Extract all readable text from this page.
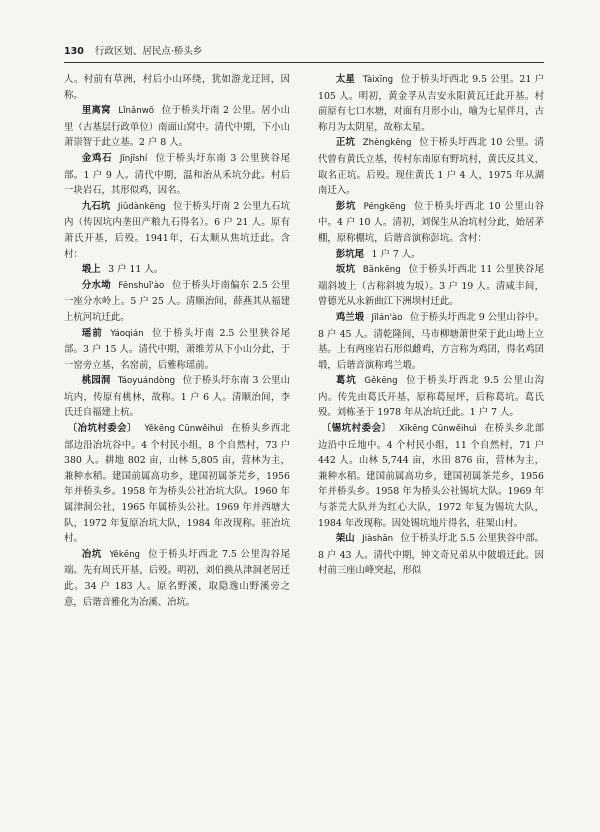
130 行政区划、居民点·桥头乡

人。村前有草洲，村后小山环绕，犹如游龙迂回，因称。

里离窝 Lǐnǎnwō 位于桥头圩南 2 公里。居小山里（古基层行政单位）南面山窝中。清代中期，下小山萧崇智于此立基。2 户 8 人。

金鸡石 Jīnjīshí 位于桥头圩东南 3 公里狭谷尾部。1 户 9 人。清代中期，温和治从禾坑分此。村后一块岩石，其形似鸡，因名。

九石坑 Jiǔdànkēng 位于桥头圩南 2 公里九石坑内（传因坑内垄田产粮九石得名）。6 户 21 人。原有萧氏开基，后殁。1941年，石太顺从焦坑迁此。含村：

塅上 3 户 11 人。

分水坳 Fēnshuǐ'ào 位于桥头圩南偏东 2.5 公里一座分水岭上。5 户 25 人。清顺治间，薛燕其从福建上杭河坑迁此。

瑶前 Yáoqián 位于桥头圩南 2.5 公里狭谷尾部。3 户 15 人。清代中期，萧维芳从下小山分此，于一窑旁立基，名窑前，后雅称瑶前。

桃园洞 Táoyuándòng 位于桥头圩东南 3 公里山坑内，传原有桃林，故称。1 户 6 人。清顺治间，李氏迁自福建上杭。

〔冶坑村委会〕 Yěkēng Cūnwěihuì 在桥头乡西北部边沿冶坑谷中。4 个村民小组，8 个自然村，73 户 380 人。耕地 802 亩，山林 5,805 亩，营林为主，兼种水稻。建国前属高功乡，建国初属茶芫乡，1956 年并桥头乡。1958 年为桥头公社冶坑大队。1960 年属津洞公社，1965 年属桥头公社。1969 年并西塘大队，1972 年复原冶坑大队，1984 年改现称。驻冶坑村。

冶坑 Yěkēng 位于桥头圩西北 7.5 公里沟谷尾端。先有周氏开基，后殁。明初，刘伯换从津洞老居迁此。34 户 183 人。原名野溪，取隐逸山野溪旁之意，后谐音雅化为冶溪、冶坑。

太星 Tàixīng 位于桥头圩西北 9.5 公里。21 户 105 人。明初，黄金孚从吉安永阳黄瓦迁此开基。村前原有七口水塘，对面有月形小山，喻为七星伴月，古称月为太阴星，故称太星。

正坑 Zhèngkēng 位于桥头圩西北 10 公里。清代曾有黄氏立基，传村东南原有野坑村，黄氏反其义，取名正坑。后殁。现住黄氏 1 户 4 人，1975 年从湖南迁入。

彭坑 Péngkēng 位于桥头圩西北 10 公里山谷中。4 户 10 人。清初，刘保生从冶坑村分此，始居茅棚，原称棚坑，后谐音演称彭坑。含村：

彭坑尾 1 户 7 人。

坂坑 Bǎnkēng 位于桥头圩西北 11 公里狭谷尾端斜坡上（古称斜坡为坂）。3 户 19 人。清咸丰间，曾德光从永新曲江下洲坝村迁此。

鸡兰塅 Jīlán'ào 位于桥头圩西北 9 公里山谷中。8 户 45 人。清乾隆间，马市柳塘萧世荣于此山坳上立基。上有两座岩石形似雌鸡，方言称为鸡囝，得名鸡囝塅，后谐音演称鸡兰塅。

葛坑 Gěkēng 位于桥头圩西北 9.5 公里山沟内。传先由葛氏开基，原称葛屋坪，后称葛坑。葛氏殁。刘栋圣于 1978 年从冶坑迁此。1 户 7 人。

〔锡坑村委会〕 Xīkēng Cūnwěihuì 在桥头乡北部边沿中丘地中。4 个村民小组，11 个自然村，71 户 442 人。山林 5,744 亩，水田 876 亩，营林为主，兼种水稻。建国前属高功乡，建国初属茶芫乡，1956 年并桥头乡。1958 年为桥头公社锡坑大队。1969 年与茶芫大队并为红心大队，1972 年复为锡坑大队，1984 年改现称。因处锡坑地片得名，驻架山村。

架山 Jiàshān 位于桥头圩北 5.5 公里狭谷中部。8 户 43 人。清代中期，钟文奇兄弟从中陂塅迁此。因村前三座山峰突起，形似
